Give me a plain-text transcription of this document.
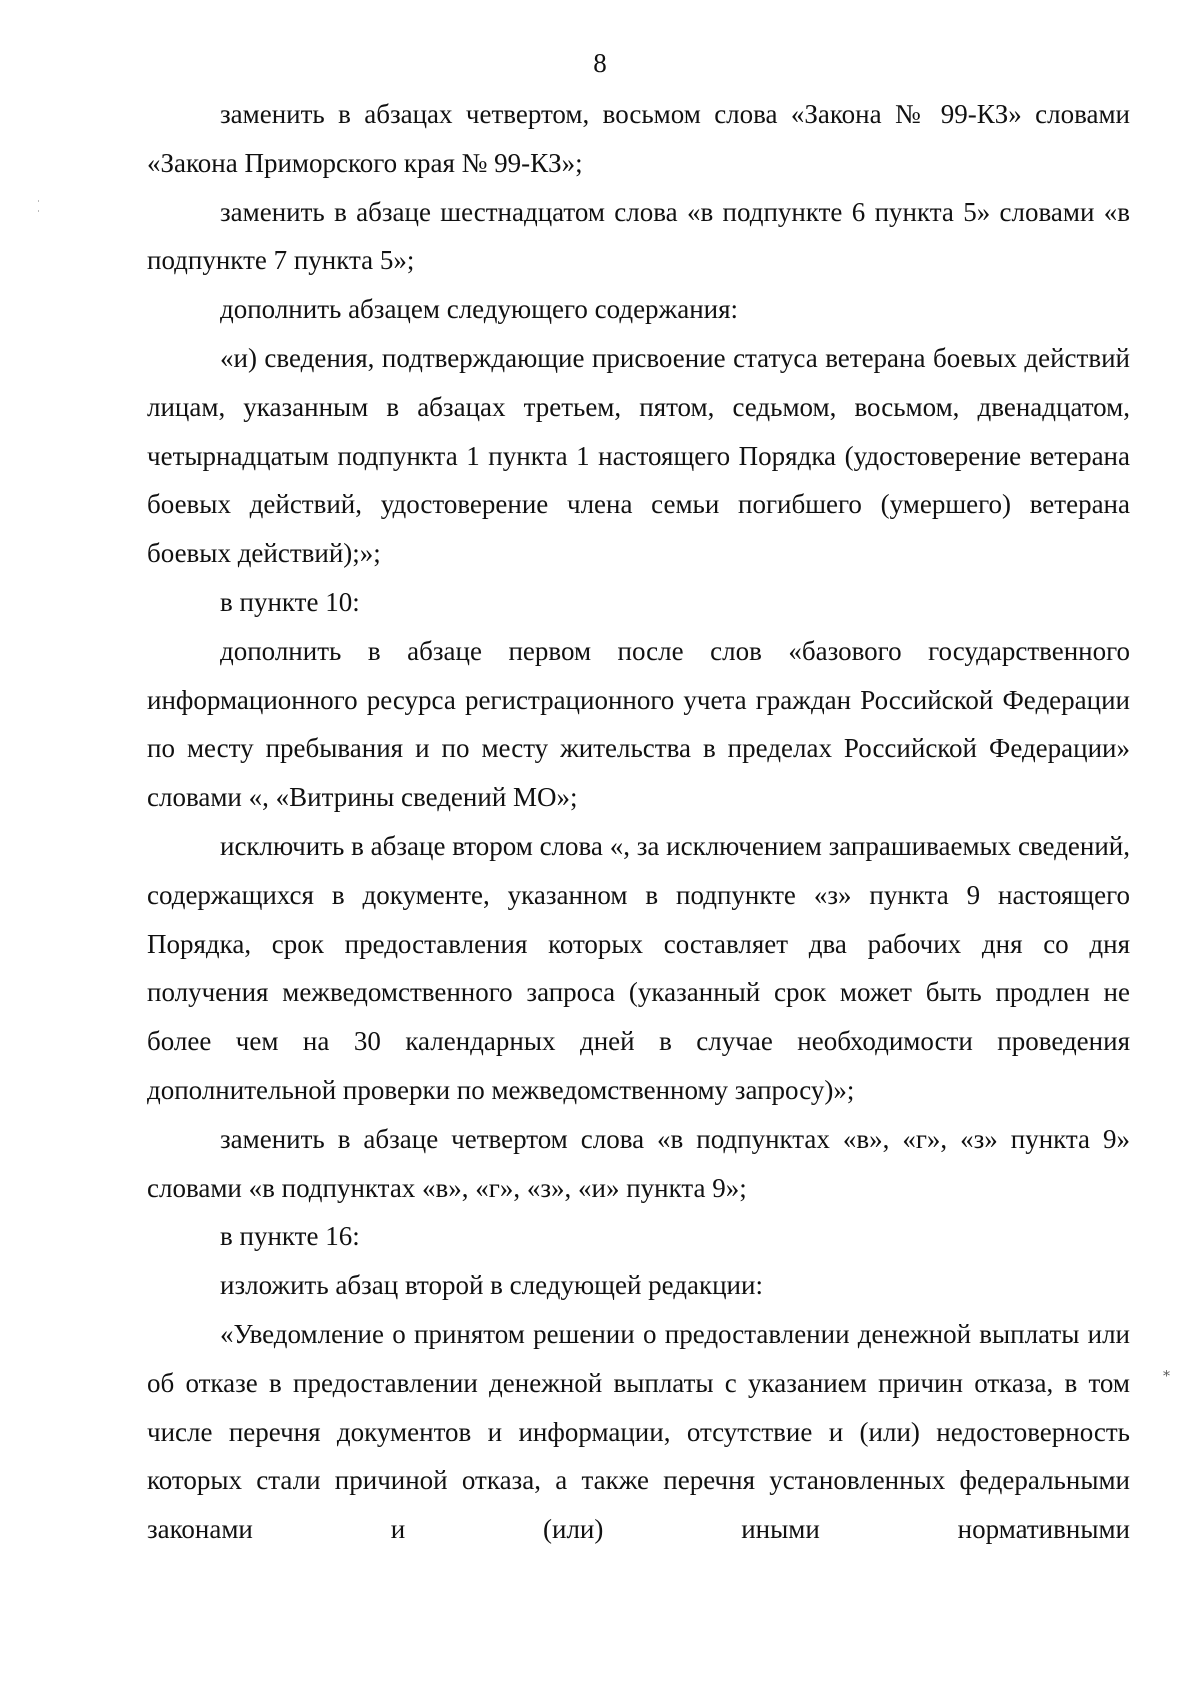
8
⁎

заменить в абзацах четвертом, восьмом слова «Закона № 99-КЗ» словами «Закона Приморского края № 99-КЗ»;

заменить в абзаце шестнадцатом слова «в подпункте 6 пункта 5» словами «в подпункте 7 пункта 5»;

дополнить абзацем следующего содержания:

«и) сведения, подтверждающие присвоение статуса ветерана боевых действий лицам, указанным в абзацах третьем, пятом, седьмом, восьмом, двенадцатом, четырнадцатым подпункта 1 пункта 1 настоящего Порядка (удостоверение ветерана боевых действий, удостоверение члена семьи погибшего (умершего) ветерана боевых действий);»;

в пункте 10:

дополнить в абзаце первом после слов «базового государственного информационного ресурса регистрационного учета граждан Российской Федерации по месту пребывания и по месту жительства в пределах Российской Федерации» словами «, «Витрины сведений МО»;

исключить в абзаце втором слова «, за исключением запрашиваемых сведений, содержащихся в документе, указанном в подпункте «з» пункта 9 настоящего Порядка, срок предоставления которых составляет два рабочих дня со дня получения межведомственного запроса (указанный срок может быть продлен не более чем на 30 календарных дней в случае необходимости проведения дополнительной проверки по межведомственному запросу)»;

заменить в абзаце четвертом слова «в подпунктах «в», «г», «з» пункта 9» словами «в подпунктах «в», «г», «з», «и» пункта 9»;

в пункте 16:

изложить абзац второй в следующей редакции:

«Уведомление о принятом решении о предоставлении денежной выплаты или об отказе в предоставлении денежной выплаты с указанием причин отказа, в том числе перечня документов и информации, отсутствие и (или) недостоверность которых стали причиной отказа, а также перечня установленных федеральными законами и (или) иными нормативными
